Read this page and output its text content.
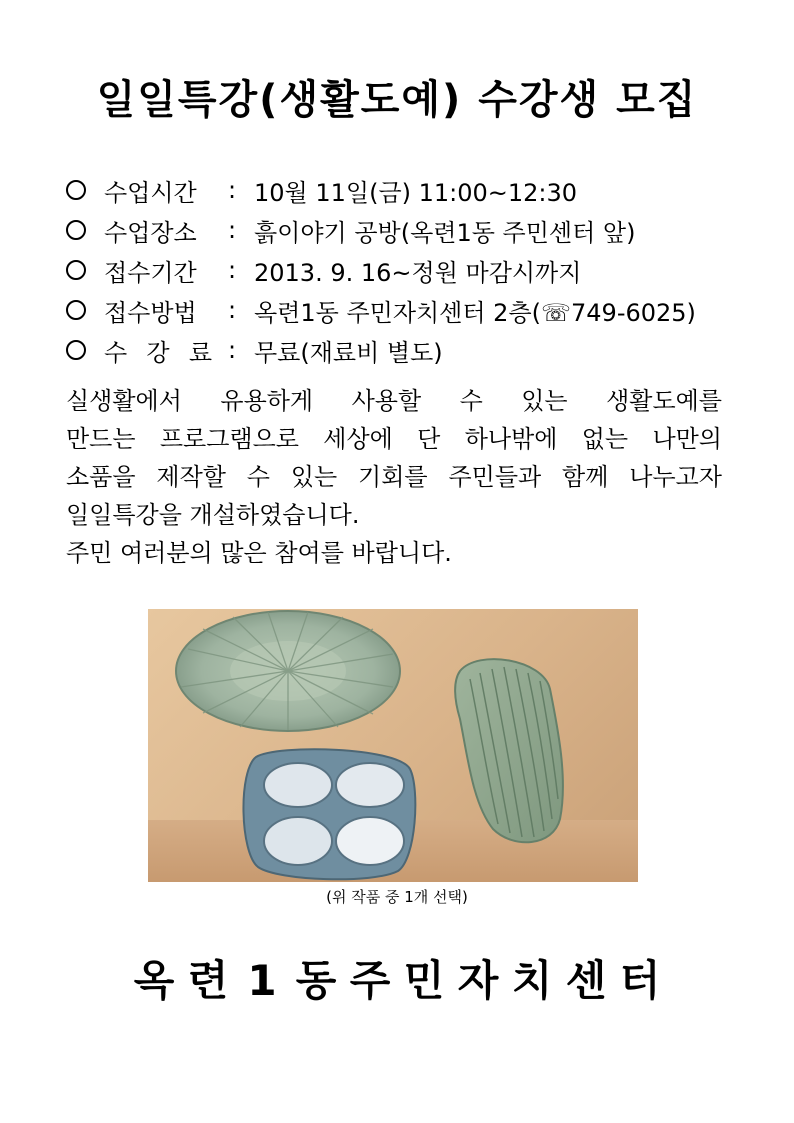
일일특강(생활도예) 수강생 모집
수업시간	: 10월 11일(금) 11:00~12:30
수업장소	: 흙이야기 공방(옥련1동 주민센터 앞)
접수기간	: 2013. 9. 16~정원 마감시까지
접수방법	: 옥련1동 주민자치센터 2층(☏749-6025)
수 강 료 : 무료(재료비 별도)

실생활에서 유용하게 사용할 수 있는 생활도예를

만드는 프로그램으로 세상에 단 하나밖에 없는 나만의

소품을 제작할 수 있는 기회를 주민들과 함께 나누고자

일일특강을 개설하였습니다.

주민 여러분의 많은 참여를 바랍니다.

(위 작품 중 1개 선택)
옥 련 1 동 주 민 자 치 센 터
